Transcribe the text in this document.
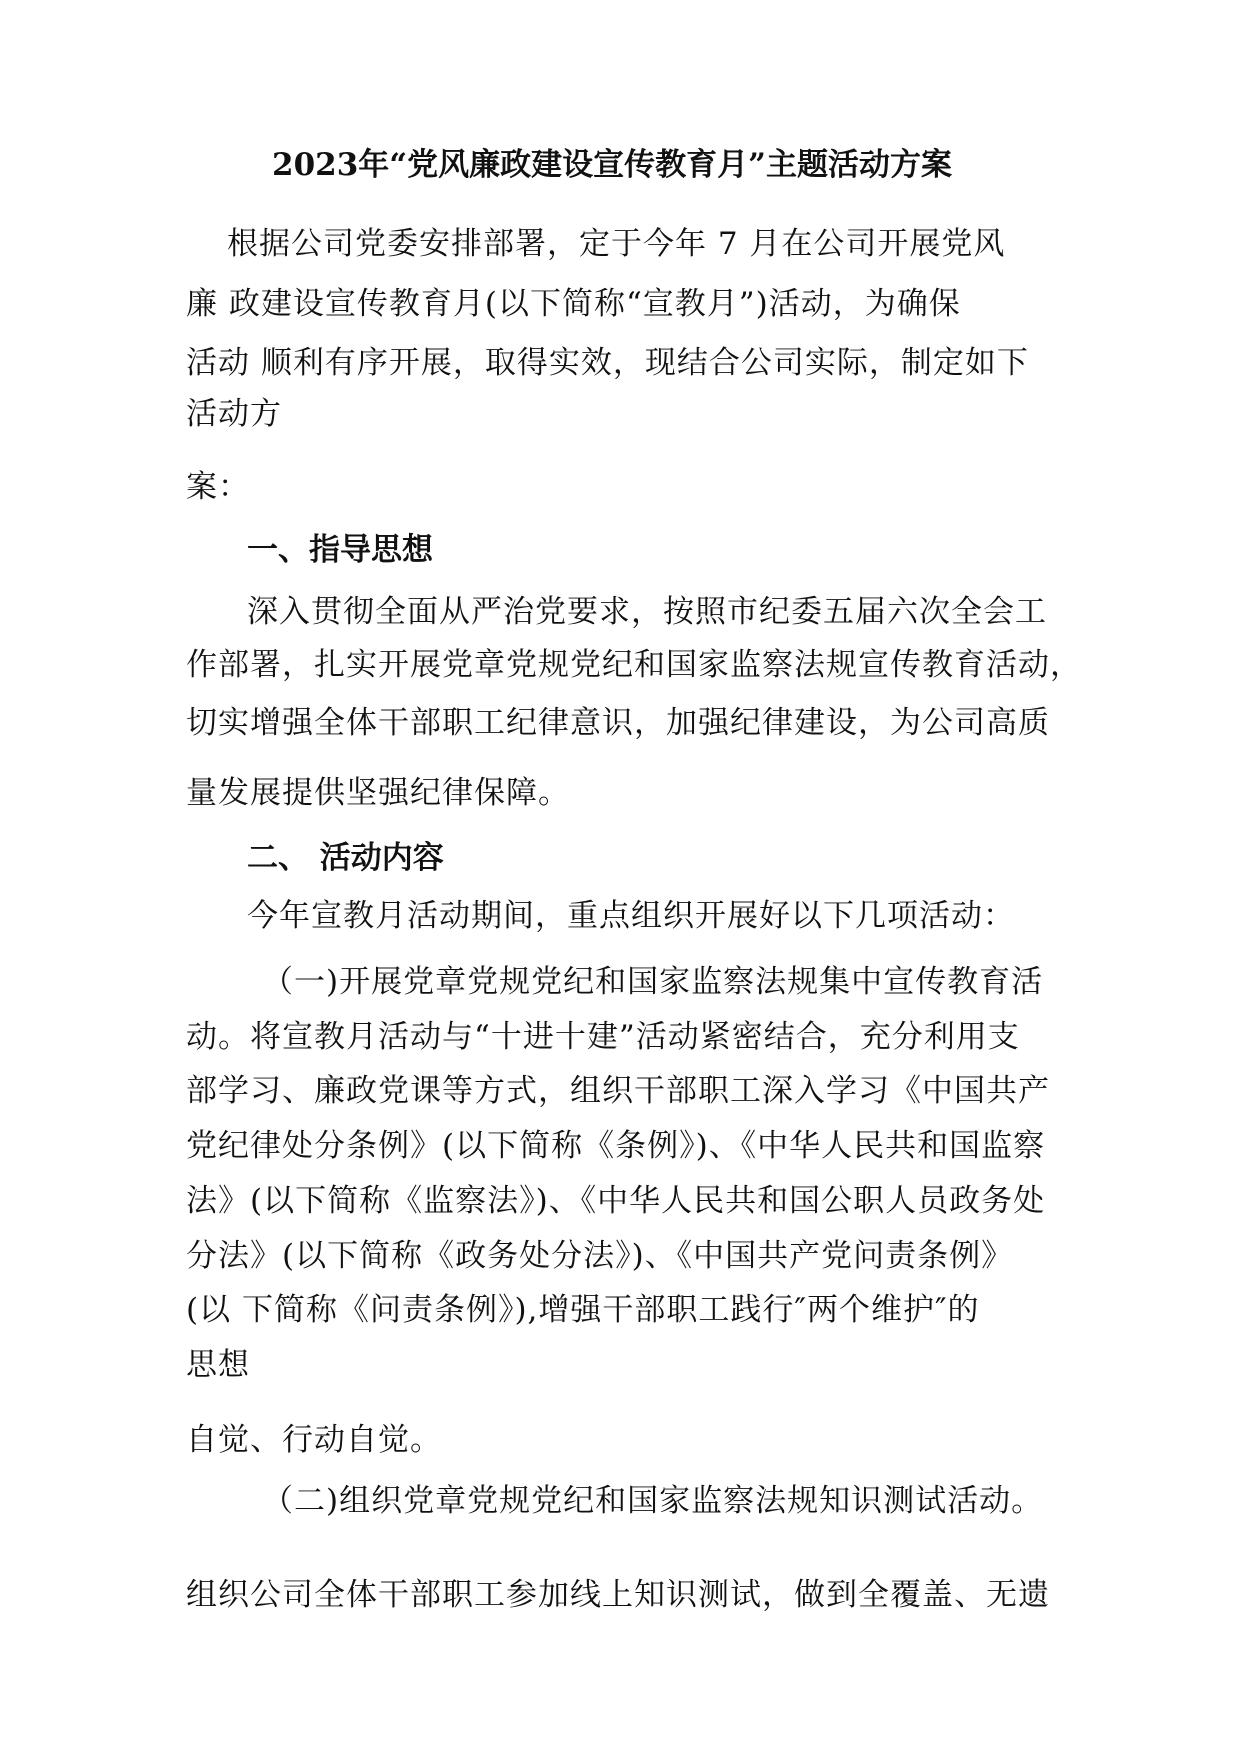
2023年“党风廉政建设宣传教育月”主题活动方案
根据公司党委安排部署，定于今年 7 月在公司开展党风
廉 政建设宣传教育月(以下简称“宣教月”)活动，为确保
活动 顺利有序开展，取得实效，现结合公司实际，制定如下
活动方
案：
一、指导思想
深入贯彻全面从严治党要求，按照市纪委五届六次全会工
作部署，扎实开展党章党规党纪和国家监察法规宣传教育活动，
切实增强全体干部职工纪律意识，加强纪律建设，为公司高质
量发展提供坚强纪律保障。
二、 活动内容
今年宣教月活动期间，重点组织开展好以下几项活动：
（一)开展党章党规党纪和国家监察法规集中宣传教育活
动。将宣教月活动与“十进十建”活动紧密结合，充分利用支
部学习、廉政党课等方式，组织干部职工深入学习《中国共产
党纪律处分条例》(以下简称《条例》)、《中华人民共和国监察
法》(以下简称《监察法》)、《中华人民共和国公职人员政务处
分法》(以下简称《政务处分法》)、《中国共产党问责条例》
(以 下简称《问责条例》),增强干部职工践行″两个维护″的
思想
自觉、行动自觉。
（二)组织党章党规党纪和国家监察法规知识测试活动。
组织公司全体干部职工参加线上知识测试，做到全覆盖、无遗
